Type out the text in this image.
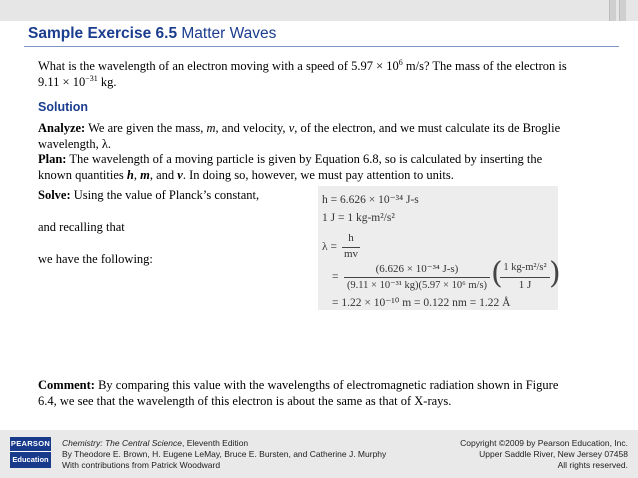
Sample Exercise 6.5 Matter Waves
What is the wavelength of an electron moving with a speed of $5.97 \times 10^6$ m/s? The mass of the electron is
$9.11 \times 10^{-31}$ kg.
Solution
Analyze: We are given the mass, m, and velocity, v, of the electron, and we must calculate its de Broglie
wavelength, λ.
Plan: The wavelength of a moving particle is given by Equation 6.8, so is calculated by inserting the
known quantities h, m, and v. In doing so, however, we must pay attention to units.
Solve: Using the value of Planck’s constant,
and recalling that
we have the following:
h = 6.626 × 10⁻³⁴ J-s
1 J = 1 kg-m²/s²
λ =
h
mv
=
(6.626 × 10⁻³⁴ J-s)
(9.11 × 10⁻³¹ kg)(5.97 × 10⁶ m/s) ( 1 kg-m²/s²
1 J )
= 1.22 × 10⁻¹⁰ m = 0.122 nm = 1.22 Å
Comment: By comparing this value with the wavelengths of electromagnetic radiation shown in Figure
6.4, we see that the wavelength of this electron is about the same as that of X-rays.
PEARSON
Education
Chemistry: The Central Science, Eleventh Edition
By Theodore E. Brown, H. Eugene LeMay, Bruce E. Bursten, and Catherine J. Murphy
With contributions from Patrick Woodward
Copyright ©2009 by Pearson Education, Inc.
Upper Saddle River, New Jersey 07458
All rights reserved.
